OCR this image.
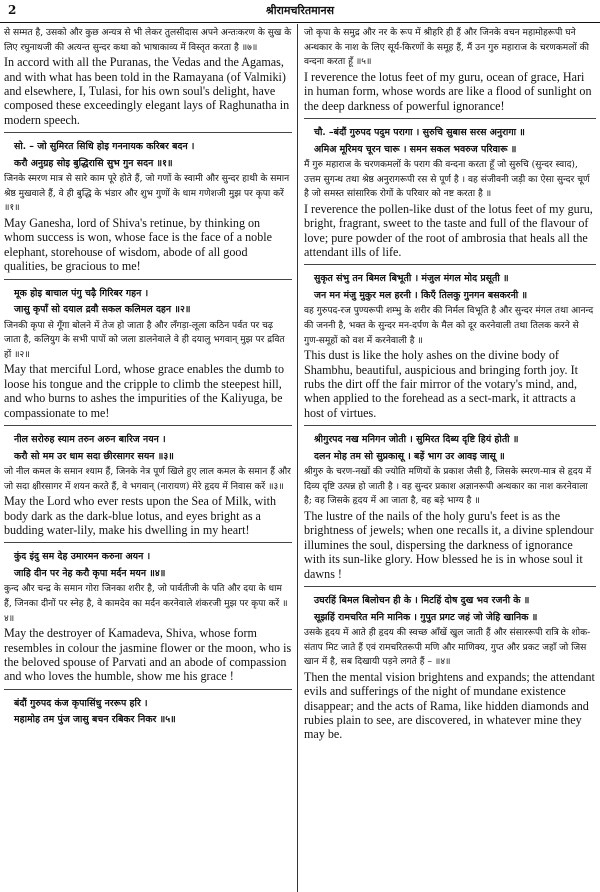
2	श्रीरामचरितमानस

से सम्मत है, उसको और कुछ अन्यत्र से भी लेकर तुलसीदास अपने अन्तःकरण के सुख के लिए रघुनाथजी की अत्यन्त सुन्दर कथा को भाषाकाव्य में विस्तृत करता है ॥७॥

In accord with all the Puranas, the Vedas and the Agamas, and with what has been told in the Ramayana (of Valmiki) and elsewhere, I, Tulasi, for his own soul's delight, have composed these exceedingly elegant lays of Raghunatha in modern speech.

सो. – जो सुमिरत सिधि होइ गननायक करिबर बदन ।

करौ अनुग्रह सोइ बुद्धिरासि सुभ गुन सदन ॥१॥

जिनके स्मरण मात्र से सारे काम पूरे होते हैं, जो गणों के स्वामी और सुन्दर हाथी के समान श्रेष्ठ मुखवाले हैं, वे ही बुद्धि के भंडार और शुभ गुणों के धाम गणेशजी मुझ पर कृपा करें ॥१॥

May Ganesha, lord of Shiva's retinue, by thinking on whom success is won, whose face is the face of a noble elephant, storehouse of wisdom, abode of all good qualities, be gracious to me!

मूक होइ बाचाल पंगु चढ़ै गिरिबर गहन ।

जासु कृपाँ सो दयाल द्रवौ सकल कलिमल दहन ॥२॥

जिनकी कृपा से गूँगा बोलने में तेज हो जाता है और लँगड़ा-लूला कठिन पर्वत पर चढ़ जाता है, कलियुग के सभी पापों को जला डालनेवाले वे ही दयालु भगवान् मुझ पर द्रवित हों ॥२॥

May that merciful Lord, whose grace enables the dumb to loose his tongue and the cripple to climb the steepest hill, and who burns to ashes the impurities of the Kaliyuga, be compassionate to me!

नील सरोरुह स्याम तरुन अरुन बारिज नयन ।

करौ सो मम उर धाम सदा छीरसागर सयन ॥३॥

जो नील कमल के समान श्याम हैं, जिनके नेत्र पूर्ण खिले हुए लाल कमल के समान हैं और जो सदा क्षीरसागर में शयन करते हैं, वे भगवान् (नारायण) मेरे हृदय में निवास करें ॥३॥

May the Lord who ever rests upon the Sea of Milk, with body dark as the dark-blue lotus, and eyes bright as a budding water-lily, make his dwelling in my heart!

कुंद इंदु सम देह उमारमन करुना अयन ।

जाहि दीन पर नेह करौ कृपा मर्दन मयन ॥४॥

कुन्द और चन्द्र के समान गोरा जिनका शरीर है, जो पार्वतीजी के पति और दया के धाम हैं, जिनका दीनों पर स्नेह है, वे कामदेव का मर्दन करनेवाले शंकरजी मुझ पर कृपा करें ॥४॥

May the destroyer of Kamadeva, Shiva, whose form resembles in colour the jasmine flower or the moon, who is the beloved spouse of Parvati and an abode of compassion and who loves the humble, show me his grace !

बंदौं गुरुपद कंज कृपासिंधु नररूप हरि ।

महामोह तम पुंज जासु बचन रबिकर निकर ॥५॥

जो कृपा के समुद्र और नर के रूप में श्रीहरि ही हैं और जिनके वचन महामोहरूपी घने अन्धकार के नाश के लिए सूर्य-किरणों के समूह हैं, मैं उन गुरु महाराज के चरणकमलों की वन्दना करता हूँ ॥५॥

I reverence the lotus feet of my guru, ocean of grace, Hari in human form, whose words are like a flood of sunlight on the deep darkness of powerful ignorance!

चौ. –बंदौं गुरुपद पदुम परागा । सुरुचि सुबास सरस अनुरागा ॥

अमिअ मूरिमय चूरन चारू । समन सकल भवरुज परिवारू ॥

मैं गुरु महाराज के चरणकमलों के पराग की वन्दना करता हूँ जो सुरुचि (सुन्दर स्वाद), उत्तम सुगन्ध तथा श्रेष्ठ अनुरागरूपी रस से पूर्ण है । वह संजीवनी जड़ी का ऐसा सुन्दर चूर्ण है जो समस्त सांसारिक रोगों के परिवार को नष्ट करता है ॥

I reverence the pollen-like dust of the lotus feet of my guru, bright, fragrant, sweet to the taste and full of the flavour of love; pure powder of the root of ambrosia that heals all the attendant ills of life.

सुकृत संभु तन बिमल बिभूती । मंजुल मंगल मोद प्रसूती ॥

जन मन मंजु मुकुर मल हरनी । किएँ तिलकु गुनगन बसकरनी ॥

वह गुरुपद-रज पुण्यरूपी शम्भु के शरीर की निर्मल विभूति है और सुन्दर मंगल तथा आनन्द की जननी है, भक्त के सुन्दर मन-दर्पण के मैल को दूर करनेवाली तथा तिलक करने से गुण-समूहों को वश में करनेवाली है ॥

This dust is like the holy ashes on the divine body of Shambhu, beautiful, auspicious and bringing forth joy. It rubs the dirt off the fair mirror of the votary's mind, and, when applied to the forehead as a sect-mark, it attracts a host of virtues.

श्रीगुरपद नख मनिगन जोती । सुमिरत दिब्य दृष्टि हियं होती ॥

दलन मोह तम सो सुप्रकासू । बड़ें भाग उर आवइ जासू ॥

श्रीगुरु के चरण-नखों की ज्योति मणियों के प्रकाश जैसी है, जिसके स्मरण-मात्र से हृदय में दिव्य दृष्टि उत्पन्न हो जाती है । वह सुन्दर प्रकाश अज्ञानरूपी अन्धकार का नाश करनेवाला है; वह जिसके हृदय में आ जाता है, वह बड़े भाग्य है ॥

The lustre of the nails of the holy guru's feet is as the brightness of jewels; when one recalls it, a divine splendour illumines the soul, dispersing the darkness of ignorance with its sun-like glory. How blessed he is in whose soul it dawns !

उघरहिं बिमल बिलोचन ही के । मिटहिं दोष दुख भव रजनी के ॥

सूझहिं रामचरित मनि मानिक । गुपुत प्रगट जहं जो जेहि खानिक ॥

उसके हृदय में आते ही हृदय की स्वच्छ आँखें खुल जाती हैं और संसाररूपी रात्रि के शोक-संताप मिट जाते हैं एवं रामचरितरूपी मणि और माणिक्य, गुप्त और प्रकट जहाँ जो जिस खान में है, सब दिखायी पड़ने लगते हैं – ॥४॥

Then the mental vision brightens and expands; the attendant evils and sufferings of the night of mundane existence disappear; and the acts of Rama, like hidden diamonds and rubies plain to see, are discovered, in whatever mine they may be.
